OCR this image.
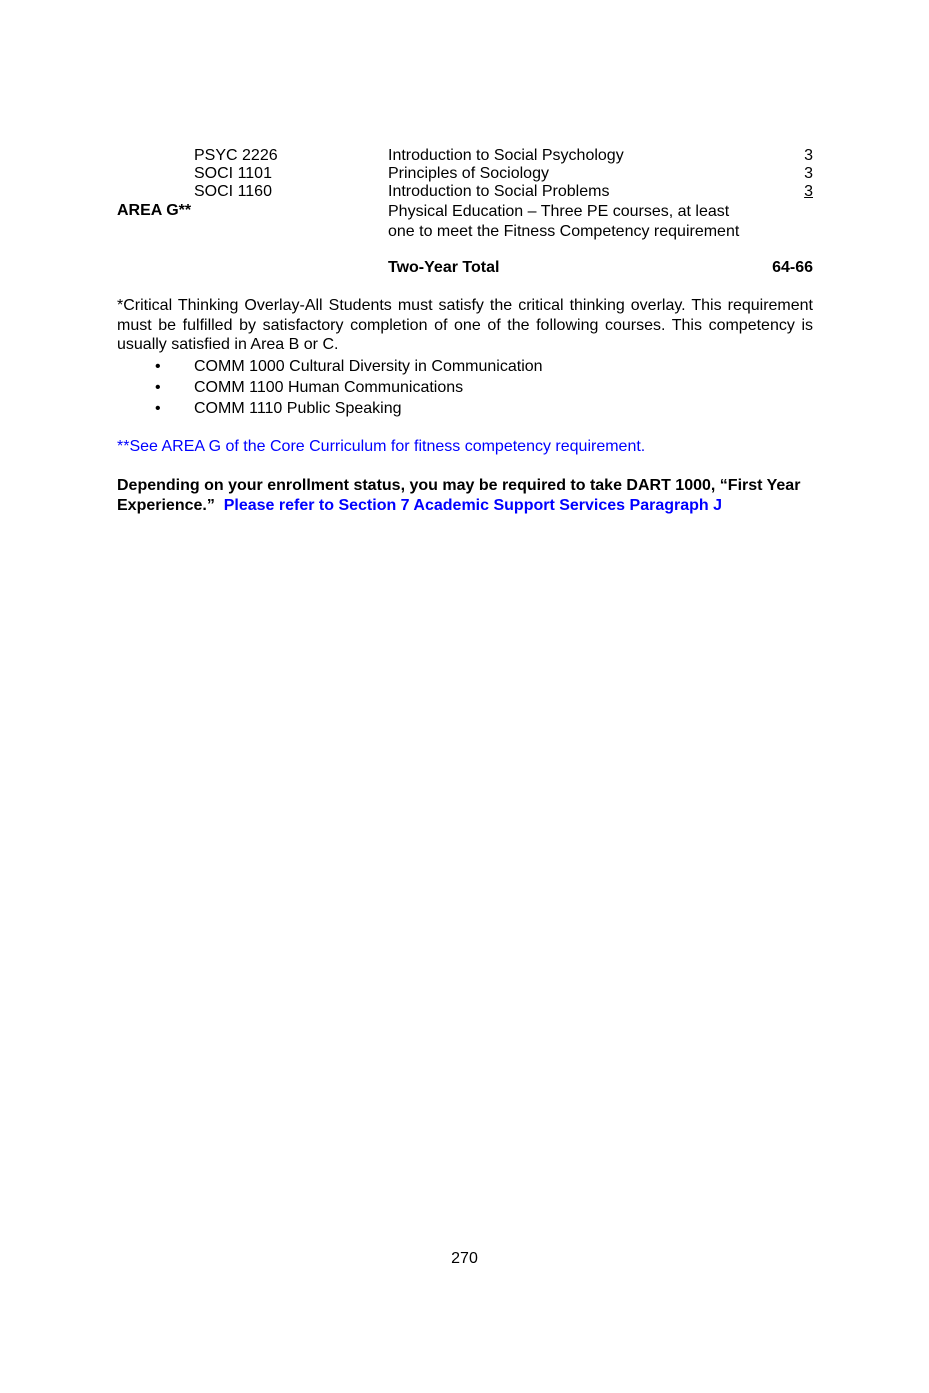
PSYC 2226	Introduction to Social Psychology	3
SOCI 1101	Principles of Sociology	3
SOCI 1160	Introduction to Social Problems	3
AREA G**	Physical Education – Three PE courses, at least
one to meet the Fitness Competency requirement
Two-Year Total	64-66
*Critical Thinking Overlay-All Students must satisfy the critical thinking overlay. This requirement must be fulfilled by satisfactory completion of one of the following courses. This competency is usually satisfied in Area B or C.
• COMM 1000 Cultural Diversity in Communication
• COMM 1100 Human Communications
• COMM 1110 Public Speaking
**See AREA G of the Core Curriculum for fitness competency requirement.
Depending on your enrollment status, you may be required to take DART 1000, “First Year Experience.” Please refer to Section 7 Academic Support Services Paragraph J
270
